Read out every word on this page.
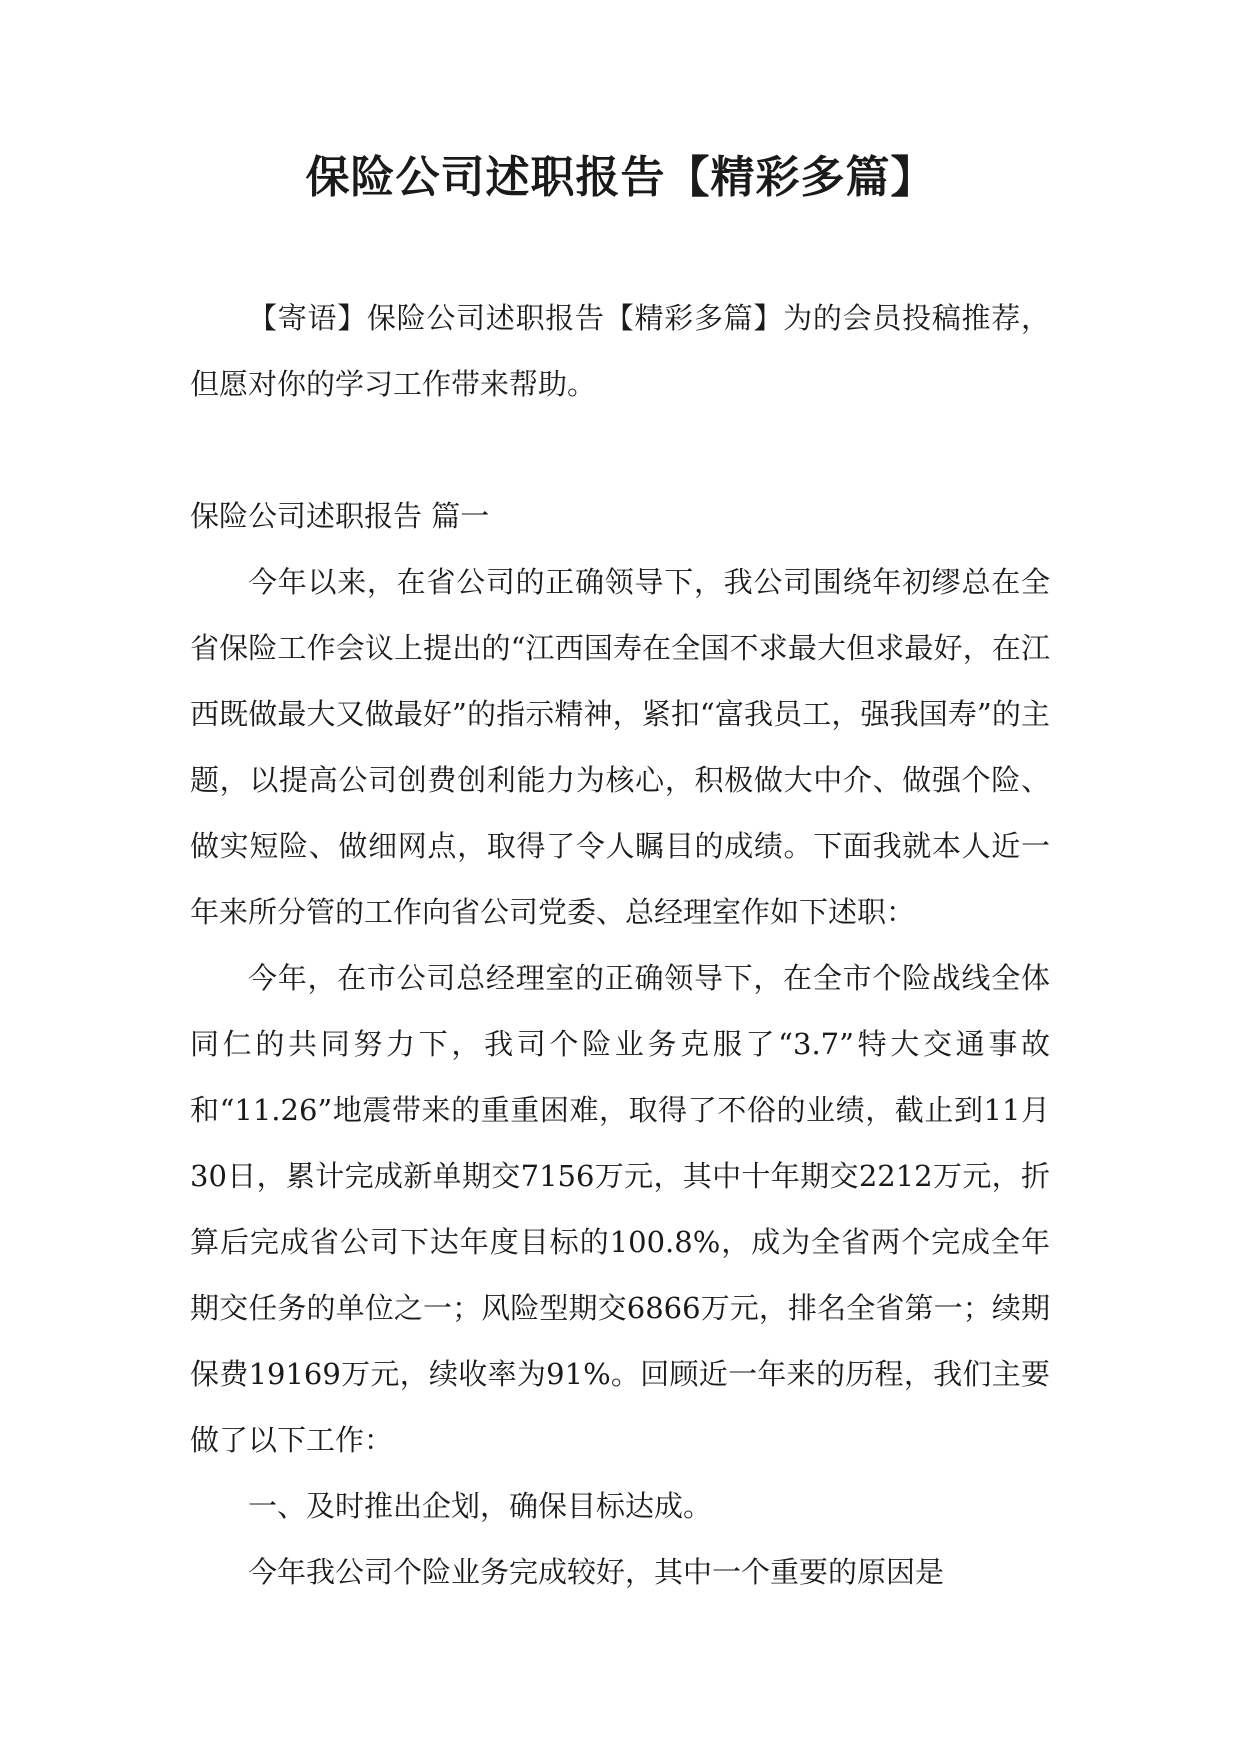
保险公司述职报告【精彩多篇】

【寄语】保险公司述职报告【精彩多篇】为的会员投稿推荐，但愿对你的学习工作带来帮助。

保险公司述职报告 篇一

今年以来，在省公司的正确领导下，我公司围绕年初缪总在全省保险工作会议上提出的“江西国寿在全国不求最大但求最好，在江西既做最大又做最好”的指示精神，紧扣“富我员工，强我国寿”的主题，以提高公司创费创利能力为核心，积极做大中介、做强个险、做实短险、做细网点，取得了令人瞩目的成绩。下面我就本人近一年来所分管的工作向省公司党委、总经理室作如下述职：

今年，在市公司总经理室的正确领导下，在全市个险战线全体同仁的共同努力下，我司个险业务克服了“3.7”特大交通事故和“11.26”地震带来的重重困难，取得了不俗的业绩，截止到11月30日，累计完成新单期交7156万元，其中十年期交2212万元，折算后完成省公司下达年度目标的100.8%，成为全省两个完成全年期交任务的单位之一；风险型期交6866万元，排名全省第一；续期保费19169万元，续收率为91%。回顾近一年来的历程，我们主要做了以下工作：

一、及时推出企划，确保目标达成。

今年我公司个险业务完成较好，其中一个重要的原因是
